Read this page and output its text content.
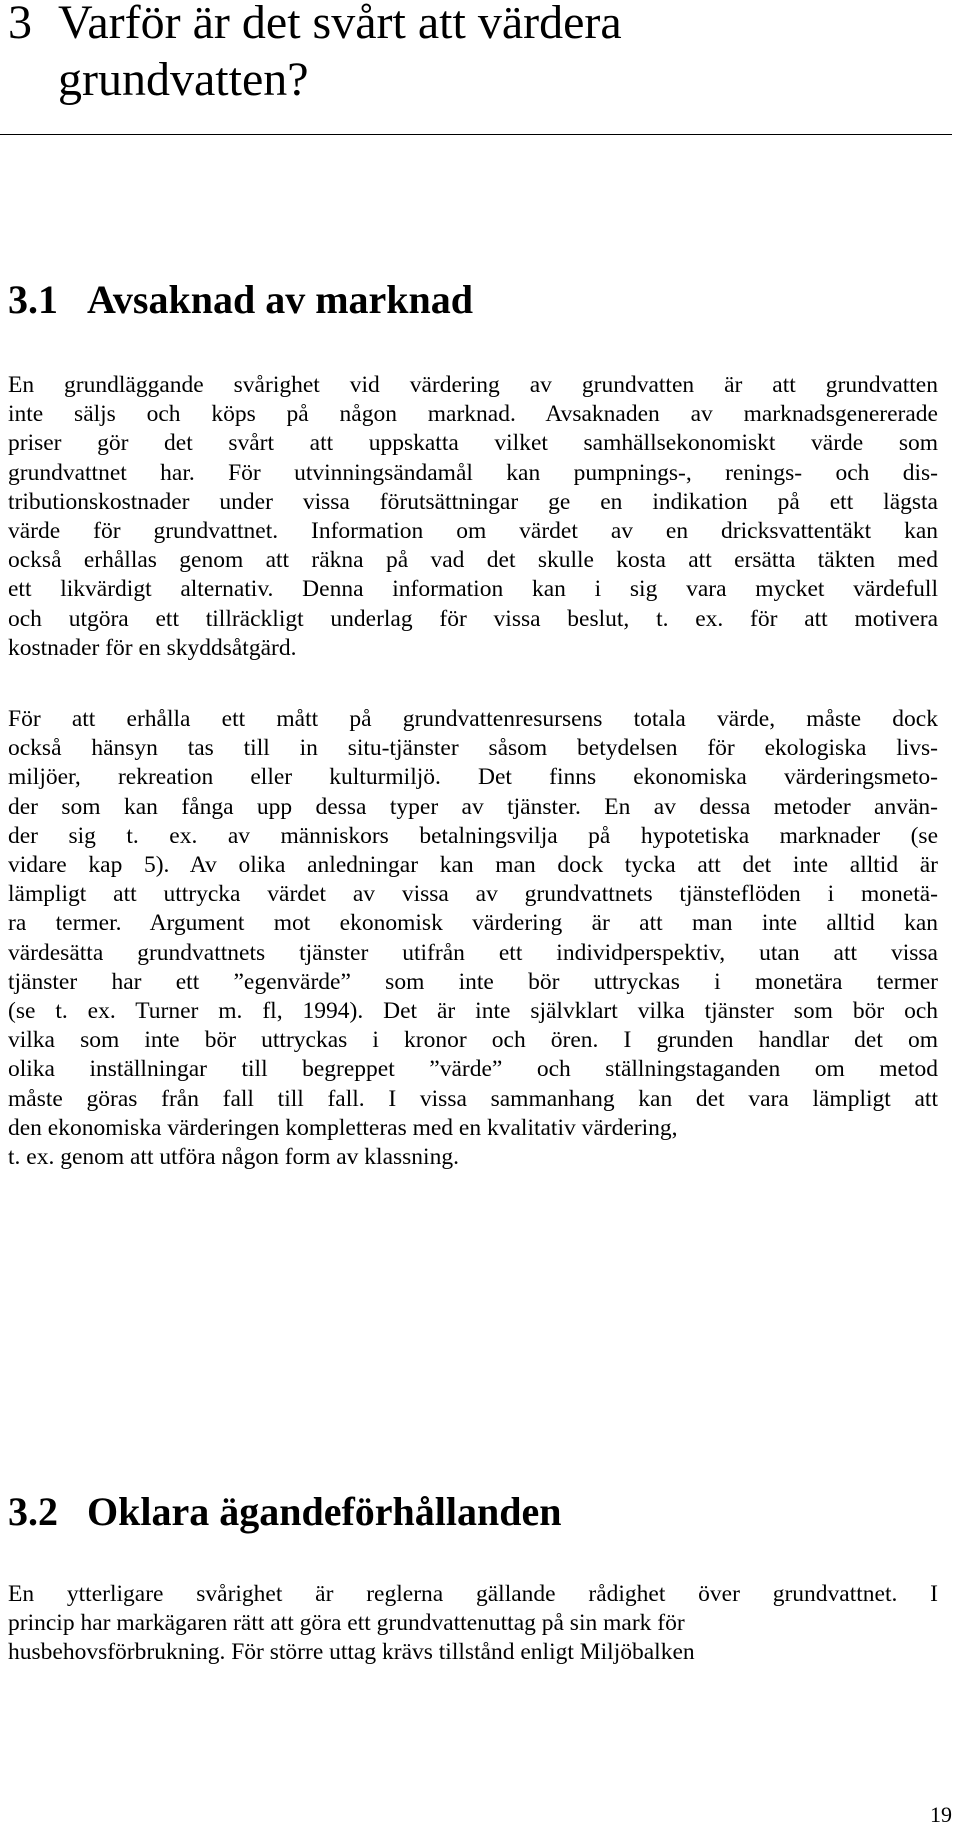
3 Varför är det svårt att värdera
grundvatten?
3.1 Avsaknad av marknad

En grundläggande svårighet vid värdering av grundvatten är att grundvatten
inte säljs och köps på någon marknad. Avsaknaden av marknadsgenererade
priser gör det svårt att uppskatta vilket samhällsekonomiskt värde som
grundvattnet har. För utvinningsändamål kan pumpnings-, renings- och dis-
tributionskostnader under vissa förutsättningar ge en indikation på ett lägsta
värde för grundvattnet. Information om värdet av en dricksvattentäkt kan
också erhållas genom att räkna på vad det skulle kosta att ersätta täkten med
ett likvärdigt alternativ. Denna information kan i sig vara mycket värdefull
och utgöra ett tillräckligt underlag för vissa beslut, t. ex. för att motivera
kostnader för en skyddsåtgärd.

För att erhålla ett mått på grundvattenresursens totala värde, måste dock
också hänsyn tas till in situ-tjänster såsom betydelsen för ekologiska livs-
miljöer, rekreation eller kulturmiljö. Det finns ekonomiska värderingsmeto-
der som kan fånga upp dessa typer av tjänster. En av dessa metoder använ-
der sig t. ex. av människors betalningsvilja på hypotetiska marknader (se
vidare kap 5). Av olika anledningar kan man dock tycka att det inte alltid är
lämpligt att uttrycka värdet av vissa av grundvattnets tjänsteflöden i monetä-
ra termer. Argument mot ekonomisk värdering är att man inte alltid kan
värdesätta grundvattnets tjänster utifrån ett individperspektiv, utan att vissa
tjänster har ett ”egenvärde” som inte bör uttryckas i monetära termer
(se t. ex. Turner m. fl, 1994). Det är inte självklart vilka tjänster som bör och
vilka som inte bör uttryckas i kronor och ören. I grunden handlar det om
olika inställningar till begreppet ”värde” och ställningstaganden om metod
måste göras från fall till fall. I vissa sammanhang kan det vara lämpligt att
den ekonomiska värderingen kompletteras med en kvalitativ värdering,
t. ex. genom att utföra någon form av klassning.

3.2 Oklara ägandeförhållanden

En ytterligare svårighet är reglerna gällande rådighet över grundvattnet. I
princip har markägaren rätt att göra ett grundvattenuttag på sin mark för
husbehovsförbrukning. För större uttag krävs tillstånd enligt Miljöbalken

19
